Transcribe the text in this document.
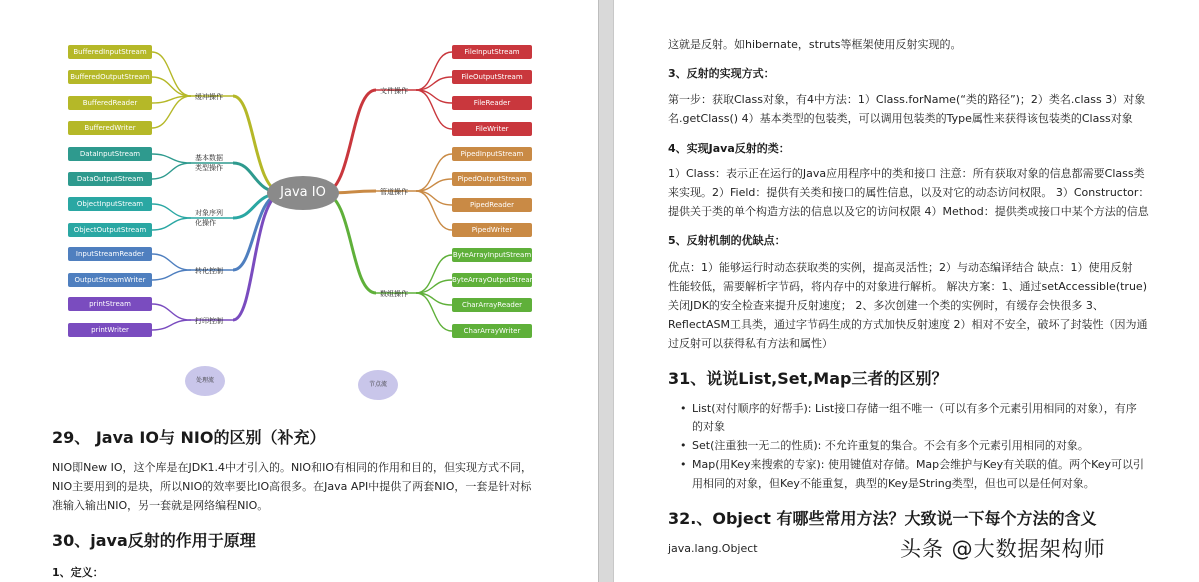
Java IO
缓冲操作
BufferedInputStream
BufferedOutputStream
BufferedReader
BufferedWriter
基本数据
类型操作
DataInputStream
DataOutputStream
对象序列
化操作
ObjectInputStream
ObjectOutputStream
转化控制
InputStreamReader
OutputStreamWriter
打印控制
printStream
printWriter
文件操作
FileInputStream
FileOutputStream
FileReader
FileWriter
管道操作
PipedInputStream
PipedOutputStream
PipedReader
PipedWriter
数组操作
ByteArrayInputStream
ByteArrayOutputStream
CharArrayReader
CharArrayWriter
处理流
节点流
29、 Java IO与 NIO的区别（补充）
NIO即New IO，这个库是在JDK1.4中才引入的。NIO和IO有相同的作用和目的，但实现方式不同，
NIO主要用到的是块，所以NIO的效率要比IO高很多。在Java API中提供了两套NIO，一套是针对标
准输入输出NIO，另一套就是网络编程NIO。
30、java反射的作用于原理
1、定义：
这就是反射。如hibernate，struts等框架使用反射实现的。
3、反射的实现方式：
第一步：获取Class对象，有4中方法：1）Class.forName(“类的路径”)；2）类名.class 3）对象
名.getClass() 4）基本类型的包装类，可以调用包装类的Type属性来获得该包装类的Class对象
4、实现Java反射的类：
1）Class：表示正在运行的Java应用程序中的类和接口 注意：所有获取对象的信息都需要Class类
来实现。2）Field：提供有关类和接口的属性信息，以及对它的动态访问权限。 3）Constructor：
提供关于类的单个构造方法的信息以及它的访问权限 4）Method：提供类或接口中某个方法的信息
5、反射机制的优缺点：
优点：1）能够运行时动态获取类的实例，提高灵活性；2）与动态编译结合 缺点：1）使用反射
性能较低，需要解析字节码，将内存中的对象进行解析。 解决方案：1、通过setAccessible(true)
关闭JDK的安全检查来提升反射速度； 2、多次创建一个类的实例时，有缓存会快很多 3、
ReflectASM工具类，通过字节码生成的方式加快反射速度 2）相对不安全，破坏了封装性（因为通
过反射可以获得私有方法和属性）
31、说说List,Set,Map三者的区别？
• List(对付顺序的好帮手): List接口存储一组不唯一（可以有多个元素引用相同的对象），有序
的对象
• Set(注重独一无二的性质): 不允许重复的集合。不会有多个元素引用相同的对象。
• Map(用Key来搜索的专家): 使用键值对存储。Map会维护与Key有关联的值。两个Key可以引
用相同的对象，但Key不能重复，典型的Key是String类型，但也可以是任何对象。
32.、Object 有哪些常用方法？大致说一下每个方法的含义
java.lang.Object	头条 @大数据架构师
